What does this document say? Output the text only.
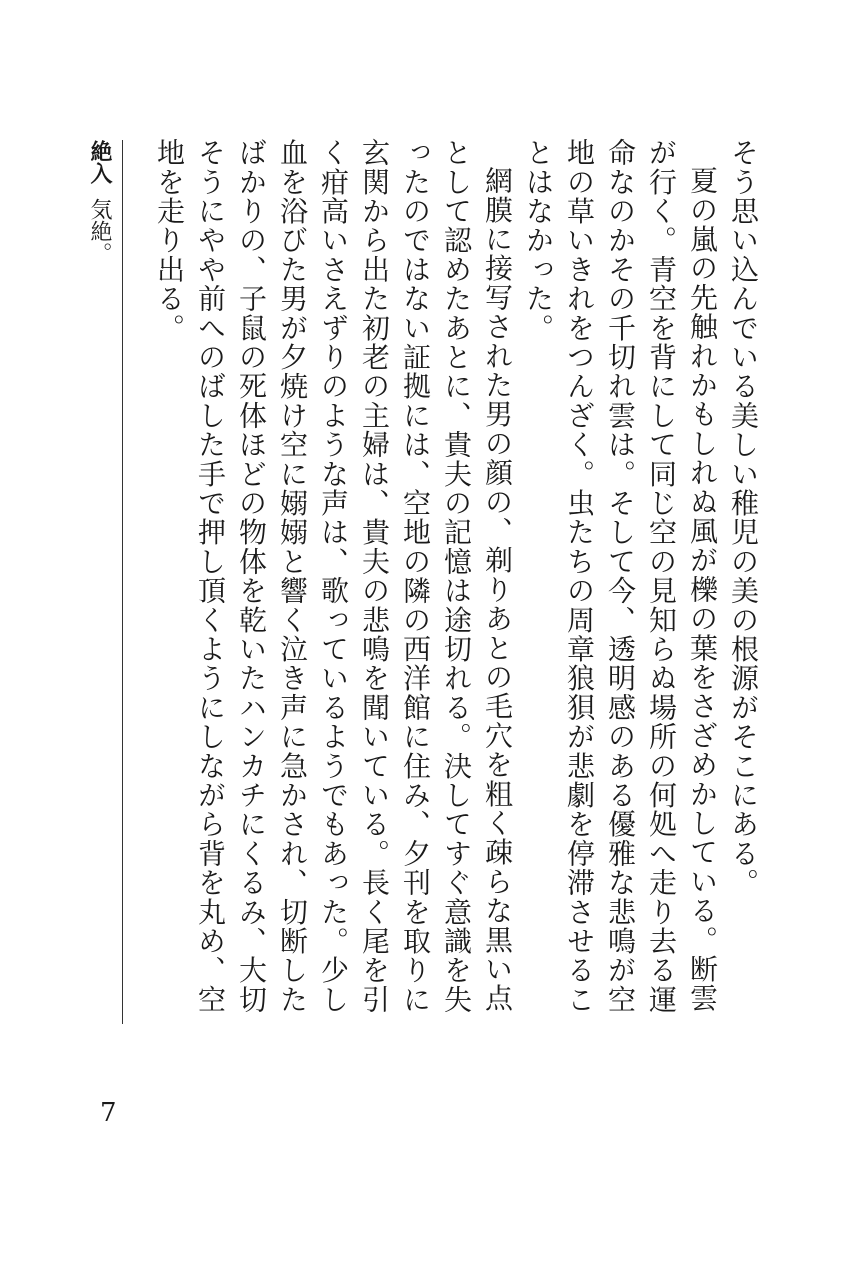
そう思い込んでいる美しい稚児の美の根源がそこにある。

夏の嵐の先触れかもしれぬ風が櫟の葉をさざめかしている。断雲が行く。青空を背にして同じ空の見知らぬ場所の何処へ走り去る運命なのかその千切れ雲は。そして今、透明感のある優雅な悲鳴が空地の草いきれをつんざく。虫たちの周章狼狽が悲劇を停滞させることはなかった。

網膜に接写された男の顔の、剃りあとの毛穴を粗く疎らな黒い点として認めたあとに、貴夫の記憶は途切れる。決してすぐ意識を失ったのではない証拠には、空地の隣の西洋館に住み、夕刊を取りに玄関から出た初老の主婦は、貴夫の悲鳴を聞いている。長く尾を引く疳高いさえずりのような声は、歌っているようでもあった。少し血を浴びた男が夕焼け空に嫋嫋と響く泣き声に急かされ、切断したばかりの、子鼠の死体ほどの物体を乾いたハンカチにくるみ、大切そうにやや前へのばした手で押し頂くようにしながら背を丸め、空地を走り出る。

絶入気絶。
7
